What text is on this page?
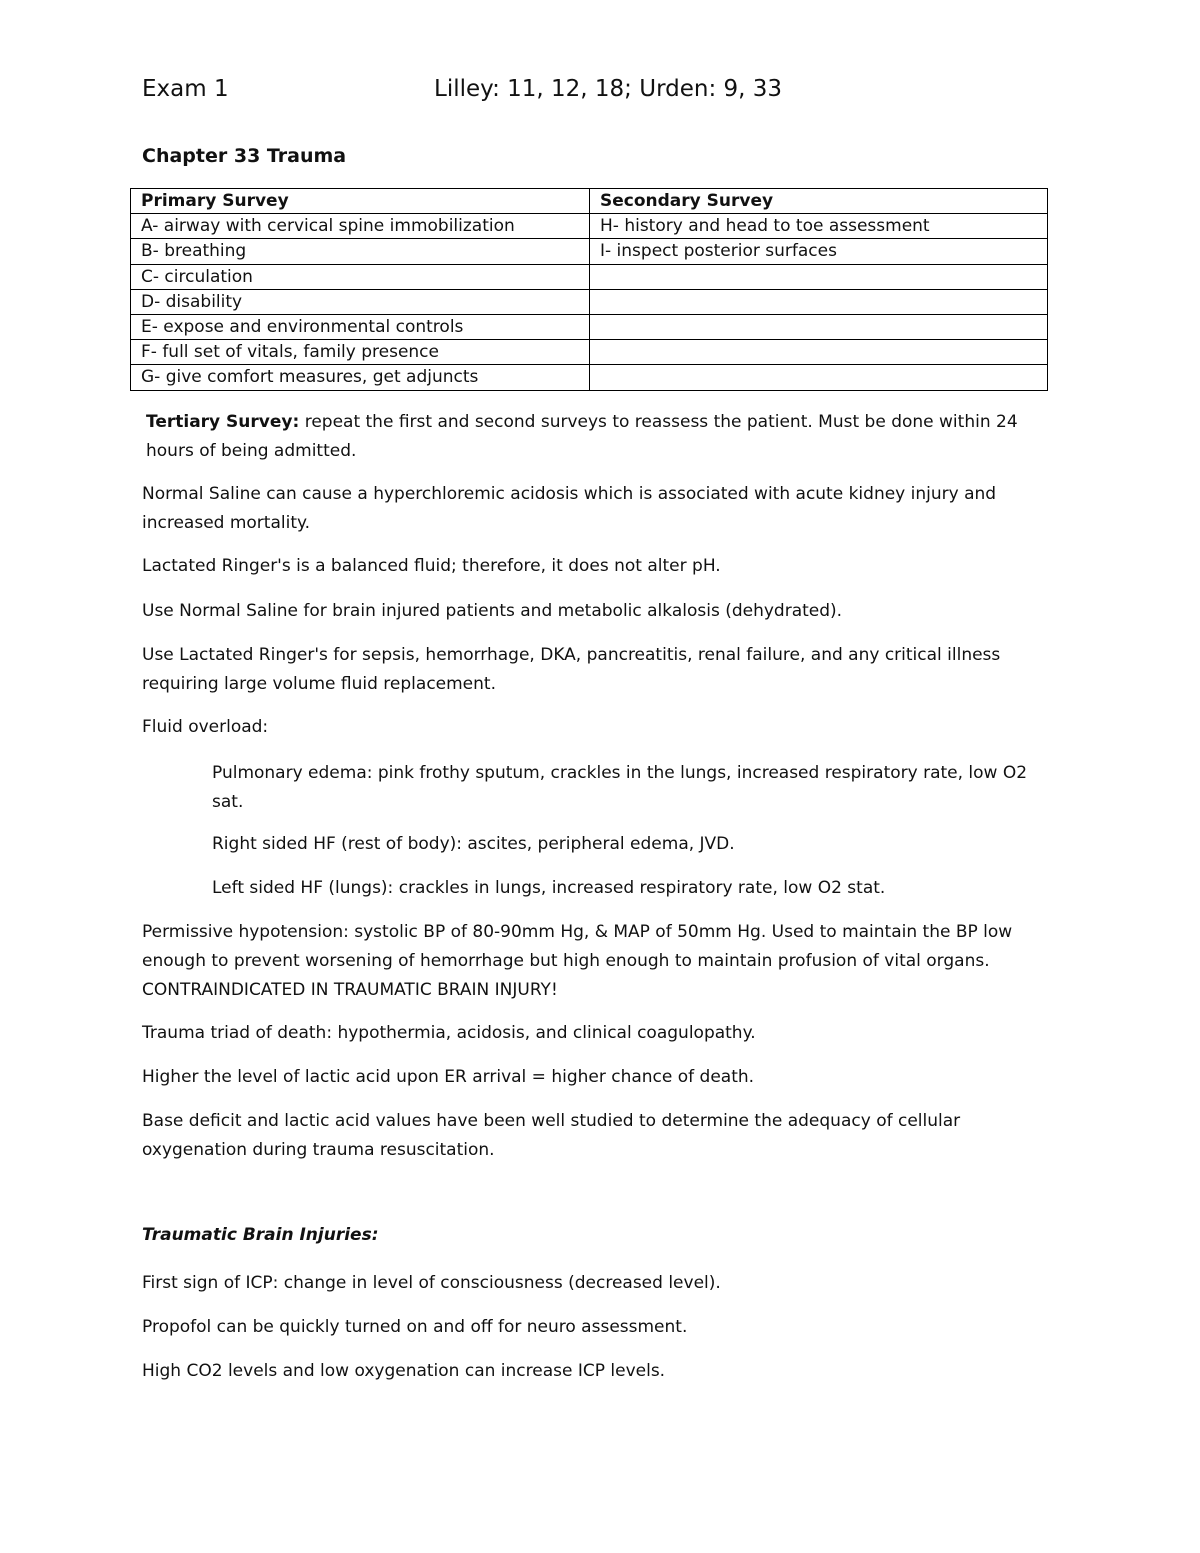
Exam 1	Lilley: 11, 12, 18; Urden: 9, 33
Chapter 33 Trauma
Primary Survey	Secondary Survey
A- airway with cervical spine immobilization	H- history and head to toe assessment
B- breathing	I- inspect posterior surfaces
C- circulation	
D- disability	
E- expose and environmental controls	
F- full set of vitals, family presence	
G- give comfort measures, get adjuncts	
Tertiary Survey: repeat the first and second surveys to reassess the patient. Must be done within 24 hours of being admitted.
Normal Saline can cause a hyperchloremic acidosis which is associated with acute kidney injury and increased mortality.
Lactated Ringer's is a balanced fluid; therefore, it does not alter pH.
Use Normal Saline for brain injured patients and metabolic alkalosis (dehydrated).
Use Lactated Ringer's for sepsis, hemorrhage, DKA, pancreatitis, renal failure, and any critical illness requiring large volume fluid replacement.
Fluid overload:
Pulmonary edema: pink frothy sputum, crackles in the lungs, increased respiratory rate, low O2 sat.
Right sided HF (rest of body): ascites, peripheral edema, JVD.
Left sided HF (lungs): crackles in lungs, increased respiratory rate, low O2 stat.
Permissive hypotension: systolic BP of 80-90mm Hg, & MAP of 50mm Hg. Used to maintain the BP low enough to prevent worsening of hemorrhage but high enough to maintain profusion of vital organs. CONTRAINDICATED IN TRAUMATIC BRAIN INJURY!
Trauma triad of death: hypothermia, acidosis, and clinical coagulopathy.
Higher the level of lactic acid upon ER arrival = higher chance of death.
Base deficit and lactic acid values have been well studied to determine the adequacy of cellular oxygenation during trauma resuscitation.
Traumatic Brain Injuries:
First sign of ICP: change in level of consciousness (decreased level).
Propofol can be quickly turned on and off for neuro assessment.
High CO2 levels and low oxygenation can increase ICP levels.
